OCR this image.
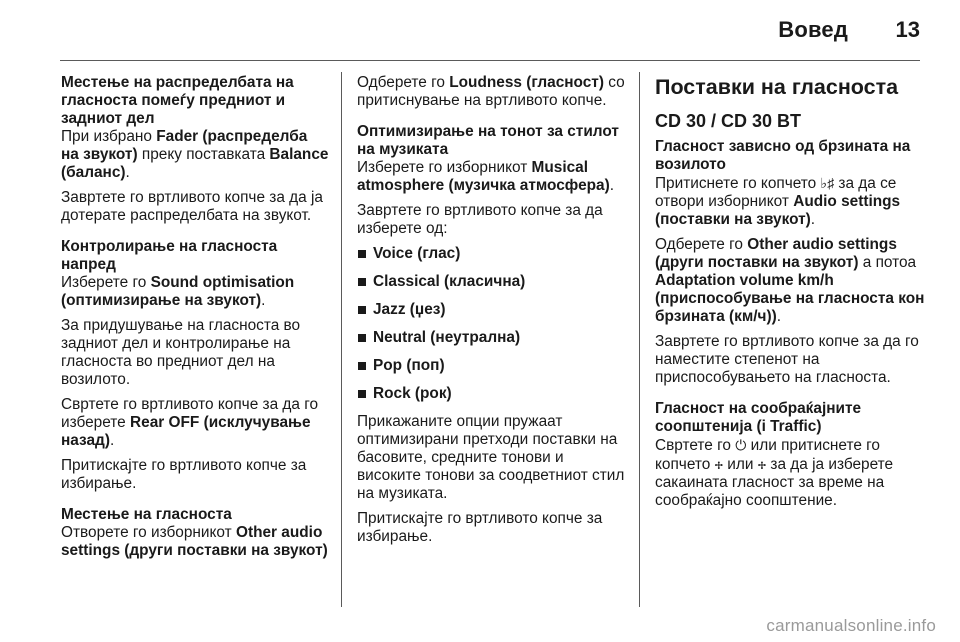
Вовед 13
Местење на распределбата на гласноста помеѓу предниот и задниот дел

При избрано Fader (распределба на звукот) преку поставката Balance (баланс).

Завртете го вртливото копче за да ја дотерате распределбата на звукот.

Контролирање на гласноста напред

Изберете го Sound optimisation (оптимизирање на звукот).

За придушување на гласноста во задниот дел и контролирање на гласноста во предниот дел на возилото.

Свртете го вртливото копче за да го изберете Rear OFF (исклучување назад).

Притискајте го вртливото копче за избирање.

Местење на гласноста

Отворете го изборникот Other audio settings (други поставки на звукот)

Одберете го Loudness (гласност) со притиснување на вртливото копче.

Оптимизирање на тонот за стилот на музиката

Изберете го изборникот Musical atmosphere (музичка атмосфера).

Завртете го вртливото копче за да изберете од:

Voice (глас)
Classical (класична)
Jazz (џез)
Neutral (неутрална)
Pop (поп)
Rock (рок)

Прикажаните опции пружаат оптимизирани претходи поставки на басовите, средните тонови и високите тонови за соодветниот стил на музиката.

Притискајте го вртливото копче за избирање.

Поставки на гласноста
CD 30 / CD 30 BT
Гласност зависно од брзината на возилото

Притиснете го копчето ♭♯ за да се отвори изборникот Audio settings (поставки на звукот).

Одберете го Other audio settings (други поставки на звукот) а потоа Adaptation volume km/h (приспособување на гласноста кон брзината (км/ч)).

Завртете го вртливото копче за да го наместите степенот на приспособувањето на гласноста.

Гласност на сообраќајните соопштенија (i Traffic)

Свртете го ⏻ или притиснете го копчето 🕂 или 🕂 за да ја изберете сакаината гласност за време на сообраќајно соопштение.

carmanualsonline.info
